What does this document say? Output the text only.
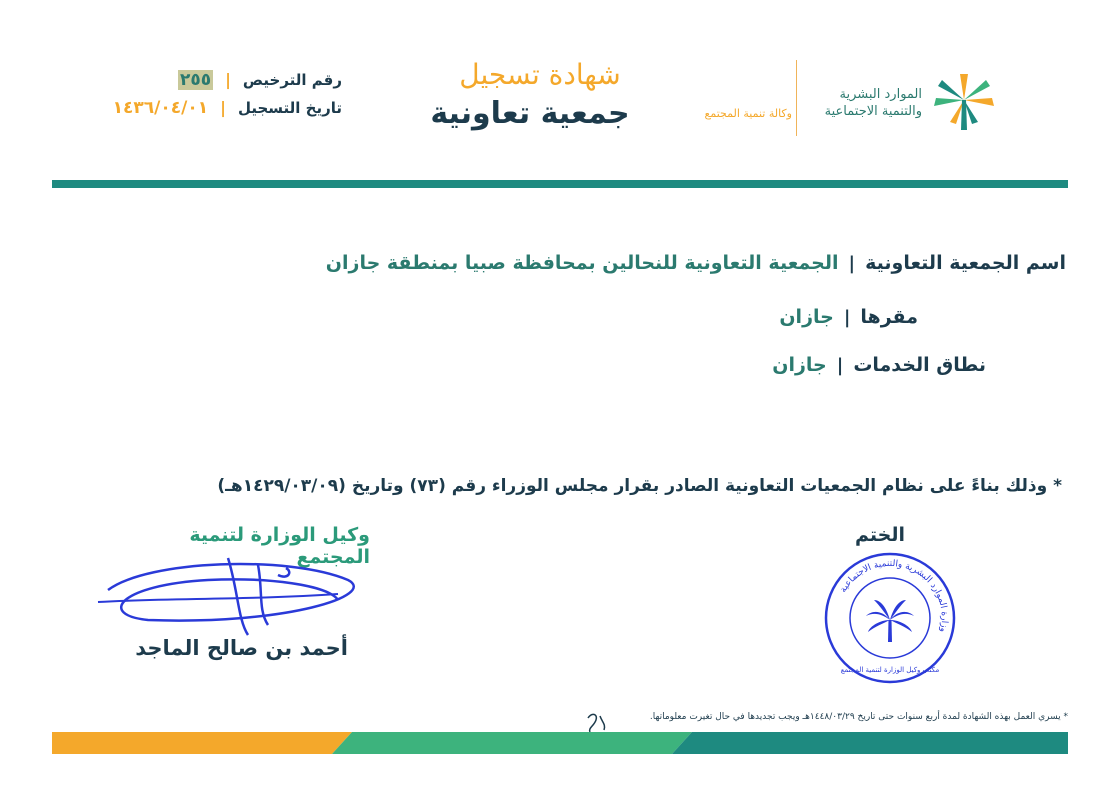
رقم الترخيص
|
٢٥٥
تاريخ التسجيل
|
١٤٣٦/٠٤/٠١
شهادة تسجيل
جمعية تعاونية	وكالة تنمية المجتمع
الموارد البشرية
والتنمية الاجتماعية
اسم الجمعية التعاونية
|
الجمعية التعاونية للنحالين بمحافظة صبيا بمنطقة جازان
مقرها
|
جازان
نطاق الخدمات
|
جازان
* وذلك بناءً على نظام الجمعيات التعاونية الصادر بقرار مجلس الوزراء رقم (٧٣) وتاريخ (١٤٢٩/٠٣/٠٩هـ)
وكيل الوزارة لتنمية المجتمع
أحمد بن صالح الماجد
الختم
وزارة الموارد البشرية والتنمية الاجتماعية
مكتب وكيل الوزارة لتنمية المجتمع
* يسري العمل بهذه الشهادة لمدة أربع سنوات حتى تاريخ ١٤٤٨/٠٣/٢٩هـ ويجب تجديدها في حال تغيرت معلوماتها.
